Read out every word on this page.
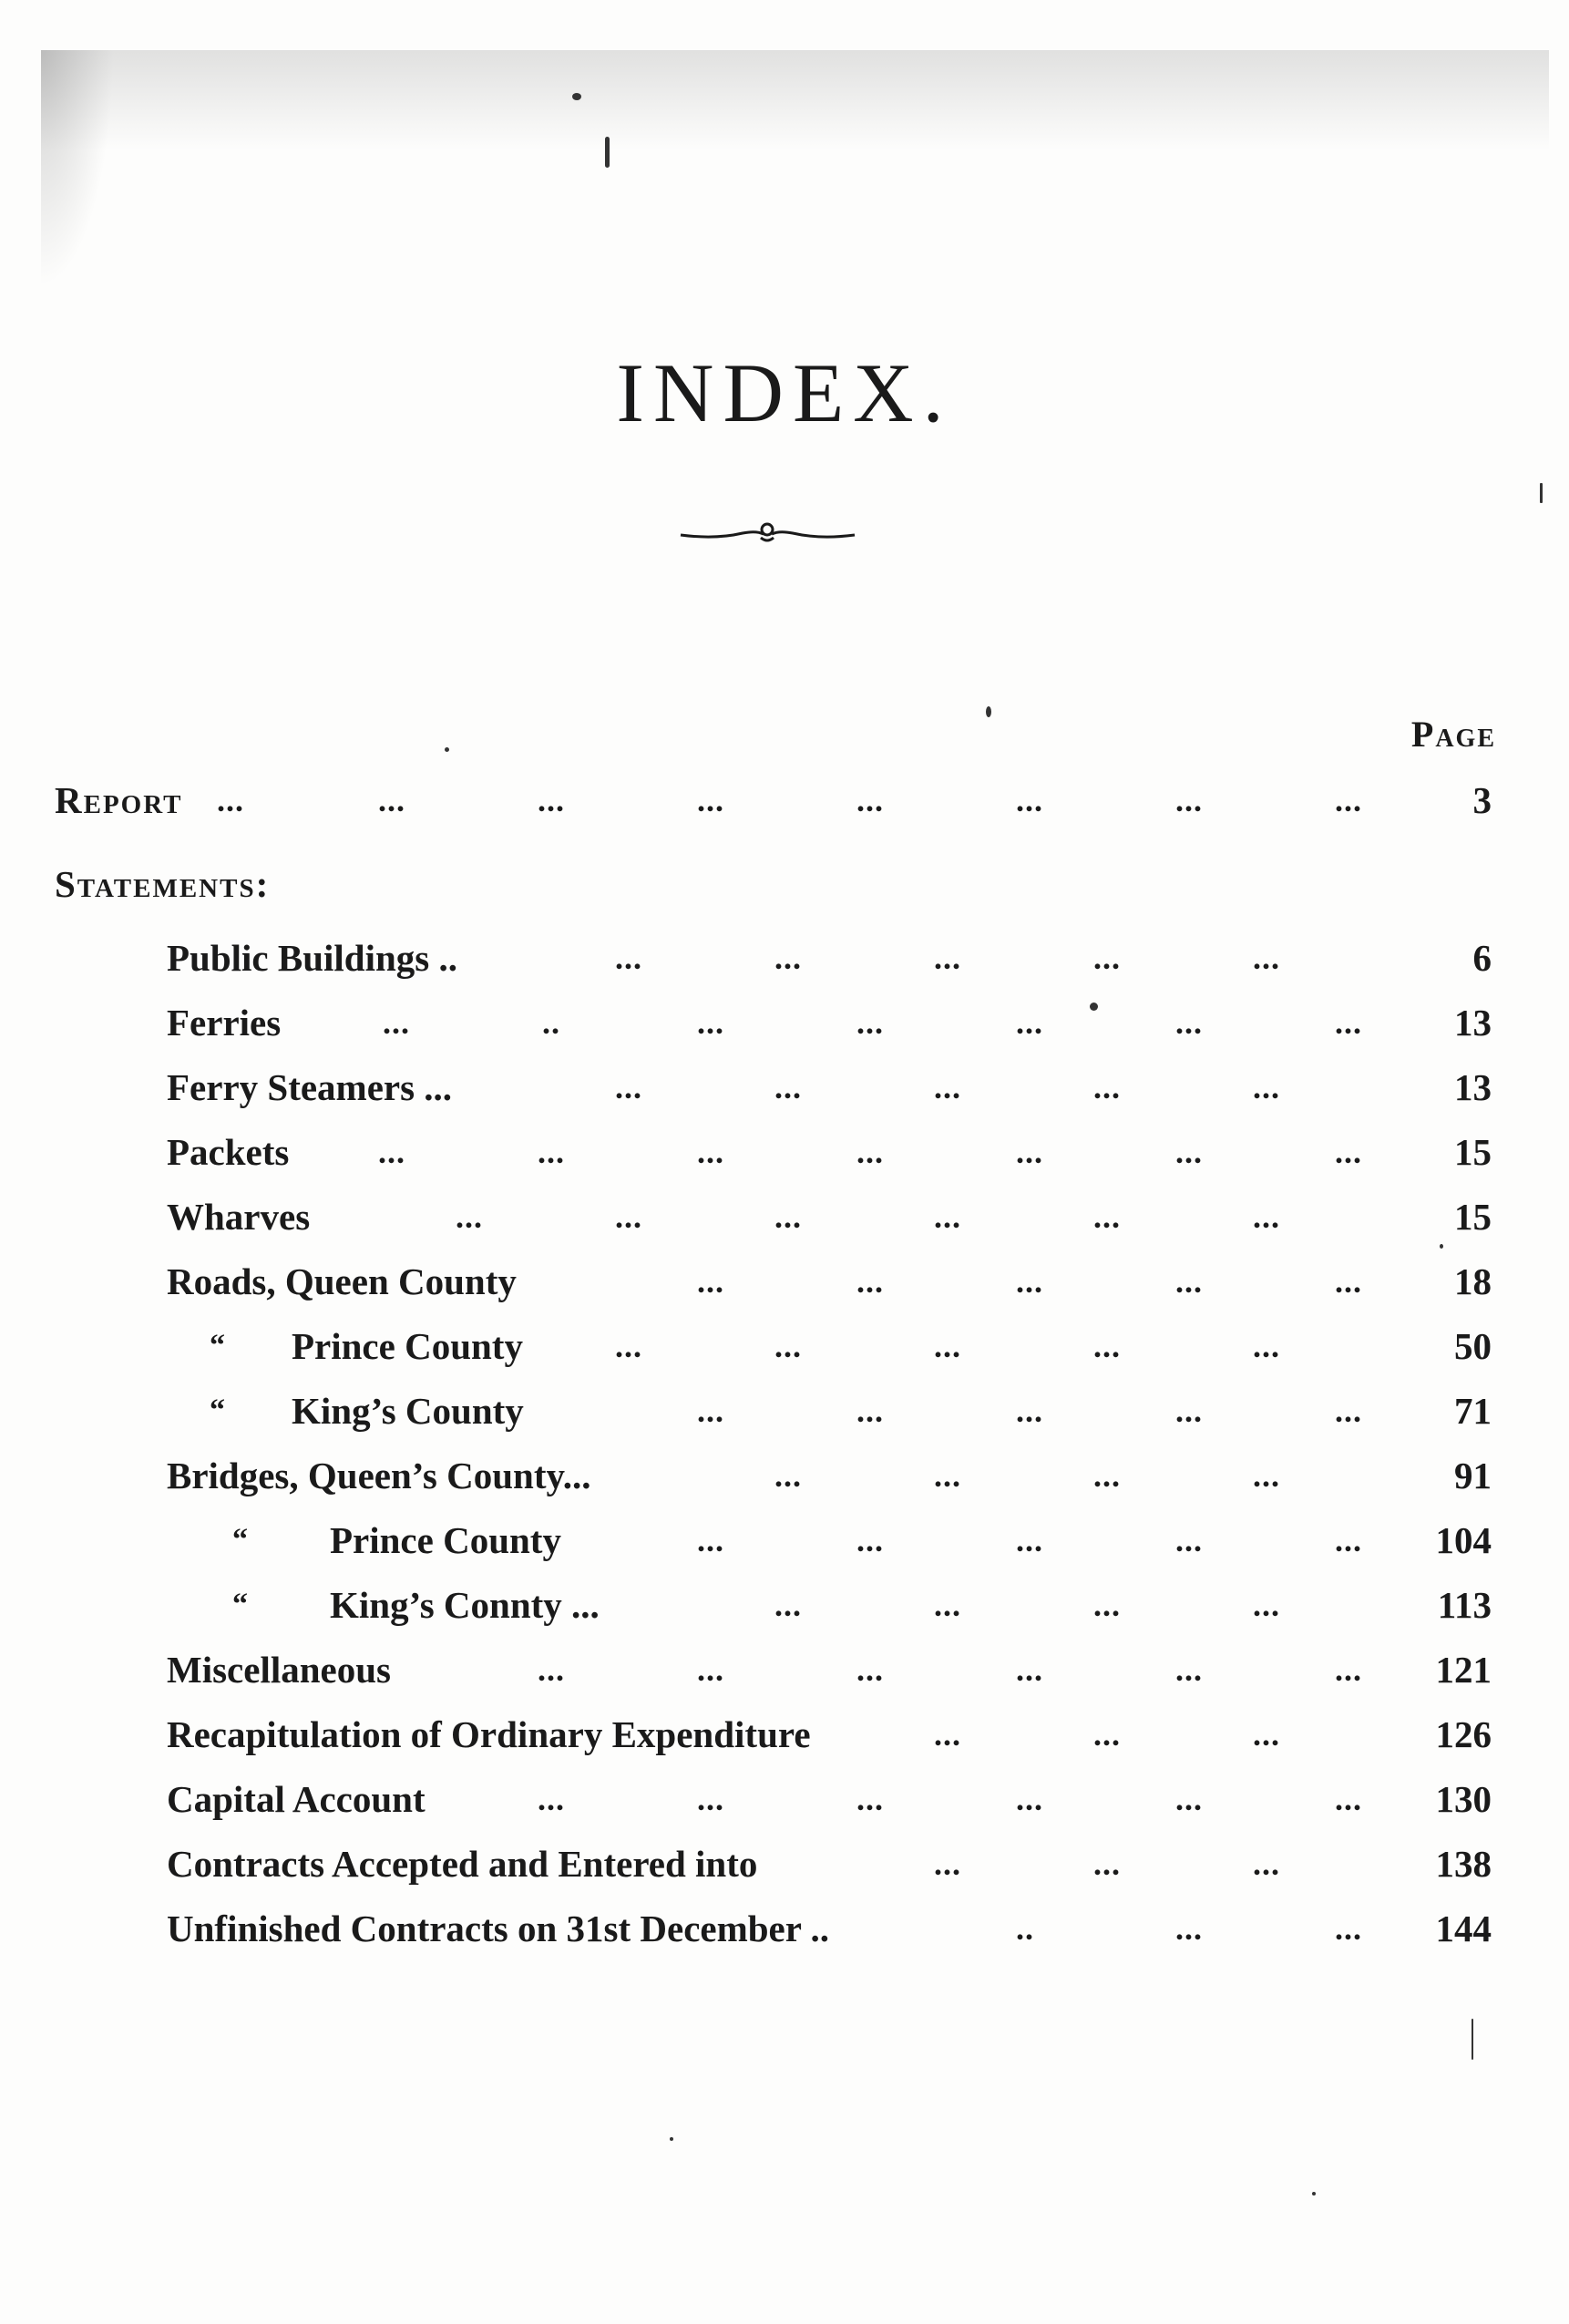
INDEX.
Page
Report ...	...	...	...	...	...	...	...	3
Statements:
Public Buildings ..	...	...	...	...	...	6
Ferries	...	..	...	...	...	...	... 13
Ferry Steamers ...	...	...	...	...	...	13
Packets	...	...	...	...	...	...	... 15
Wharves	...	...	...	...	...	...	15
Roads, Queen County	...	...	...	...	... 18
“ Prince County	...	...	...	...	...	50
“ King’s County	...	...	...	...	... 71
Bridges, Queen’s County...	...	...	...	...	91
“ Prince County	...	...	...	...	... 104
“ King’s Connty ...	...	...	...	...	113
Miscellaneous	...	...	...	...	...	... 121
Recapitulation of Ordinary Expenditure	...	...	...	126
Capital Account	...	...	...	...	...	... 130
Contracts Accepted and Entered into	...	...	...	138
Unfinished Contracts on 31st December ..	..	...	... 144
